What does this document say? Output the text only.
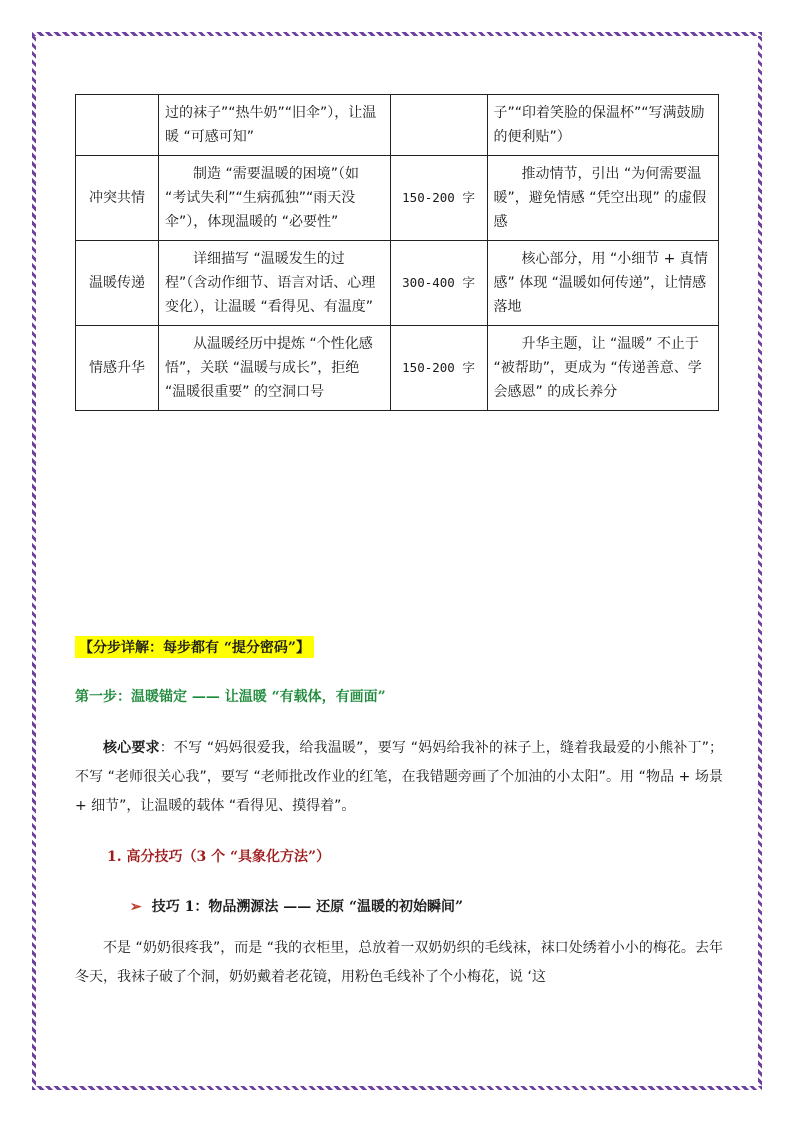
	过的袜子”“热牛奶”“旧伞”），让温暖 “可感可知”		子”“印着笑脸的保温杯”“写满鼓励的便利贴”）
冲突共情	制造 “需要温暖的困境”（如 “考试失利”“生病孤独”“雨天没伞”），体现温暖的 “必要性”	150-200 字	推动情节，引出 “为何需要温暖”，避免情感 “凭空出现” 的虚假感
温暖传递	详细描写 “温暖发生的过程”（含动作细节、语言对话、心理变化），让温暖 “看得见、有温度”	300-400 字	核心部分，用 “小细节 + 真情感” 体现 “温暖如何传递”，让情感落地
情感升华	从温暖经历中提炼 “个性化感悟”，关联 “温暖与成长”，拒绝 “温暖很重要” 的空洞口号	150-200 字	升华主题，让 “温暖” 不止于 “被帮助”，更成为 “传递善意、学会感恩” 的成长养分
【分步详解：每步都有 “提分密码”】
第一步：温暖锚定 —— 让温暖 “有载体，有画面”
核心要求：不写 “妈妈很爱我，给我温暖”，要写 “妈妈给我补的袜子上，缝着我最爱的小熊补丁”；不写 “老师很关心我”，要写 “老师批改作业的红笔，在我错题旁画了个加油的小太阳”。用 “物品 + 场景 + 细节”，让温暖的载体 “看得见、摸得着”。
1. 高分技巧（3 个 “具象化方法”）
➢ 技巧 1：物品溯源法 —— 还原 “温暖的初始瞬间”
不是 “奶奶很疼我”，而是 “我的衣柜里，总放着一双奶奶织的毛线袜，袜口处绣着小小的梅花。去年冬天，我袜子破了个洞，奶奶戴着老花镜，用粉色毛线补了个小梅花，说 ‘这
